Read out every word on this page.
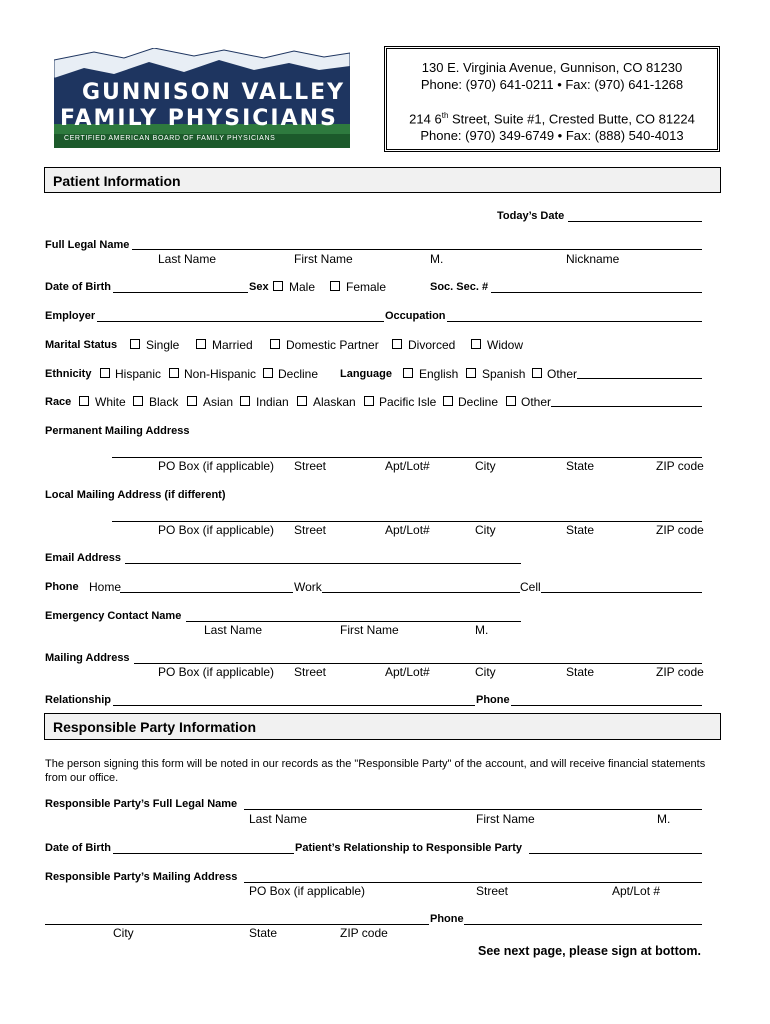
GUNNISON VALLEY
FAMILY PHYSICIANS
CERTIFIED AMERICAN BOARD OF FAMILY PHYSICIANS
130 E. Virginia Avenue, Gunnison, CO 81230
Phone: (970) 641-0211 • Fax: (970) 641-1268
214 6th Street, Suite #1, Crested Butte, CO 81224
Phone: (970) 349-6749 • Fax: (888) 540-4013
Patient Information
Today’s Date
Full Legal Name
Last Name	First Name	M.	Nickname
Date of Birth	Sex Male	Female	Soc. Sec. #
Employer	Occupation
Marital Status Single	Married	Domestic Partner Divorced	Widow
Ethnicity Hispanic Non-Hispanic Decline Language English Spanish Other
Race White Black Asian Indian Alaskan Pacific Isle Decline Other
Permanent Mailing Address
PO Box (if applicable) Street	Apt/Lot#	City	State	ZIP code
Local Mailing Address (if different)
PO Box (if applicable) Street	Apt/Lot#	City	State	ZIP code
Email Address
Phone Home	Work	Cell
Emergency Contact Name
Last Name	First Name	M.
Mailing Address
PO Box (if applicable) Street	Apt/Lot#	City	State	ZIP code
Relationship	Phone
Responsible Party Information
The person signing this form will be noted in our records as the "Responsible Party" of the account, and will receive financial statements from our office.
Responsible Party’s Full Legal Name
Last Name	First Name	M.
Date of Birth	Patient’s Relationship to Responsible Party
Responsible Party’s Mailing Address
PO Box (if applicable)	Street	Apt/Lot #
Phone
City	State	ZIP code
See next page, please sign at bottom.
